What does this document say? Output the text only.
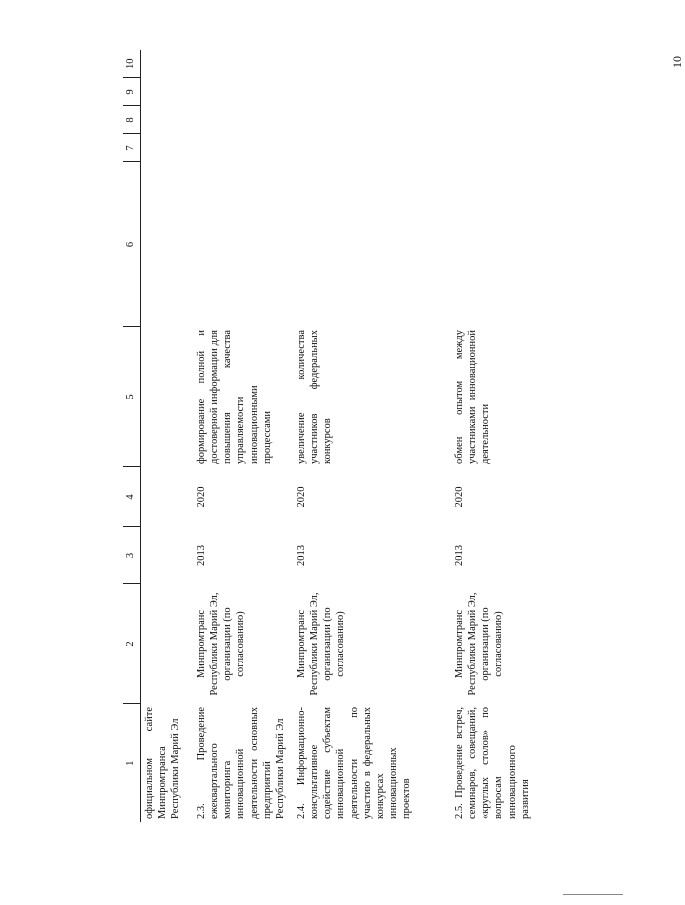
10
1	2	3	4	5	6	7	8	9	10
официальном сайте Минпромтранса Республики Марий Эл									
2.3. Проведение ежеквартального мониторинга инновационной деятельности основных предприятий Республики Марий Эл	Минпромтранс Республики Марий Эл, организации (по согласованию)	2013	2020	формирование полной и достоверной информации для повышения качества управляемости инновационными процессами					
2.4. Информационно-консультативное содействие субъектам инновационной деятельности по участию в федеральных конкурсах инновационных проектов	Минпромтранс Республики Марий Эл, организации (по согласованию)	2013	2020	увеличение количества участников федеральных конкурсов					
2.5. Проведение встреч, семинаров, совещаний, «круглых столов» по вопросам инновационного развития	Минпромтранс Республики Марий Эл, организации (по согласованию)	2013	2020	обмен опытом между участниками инновационной деятельности					
